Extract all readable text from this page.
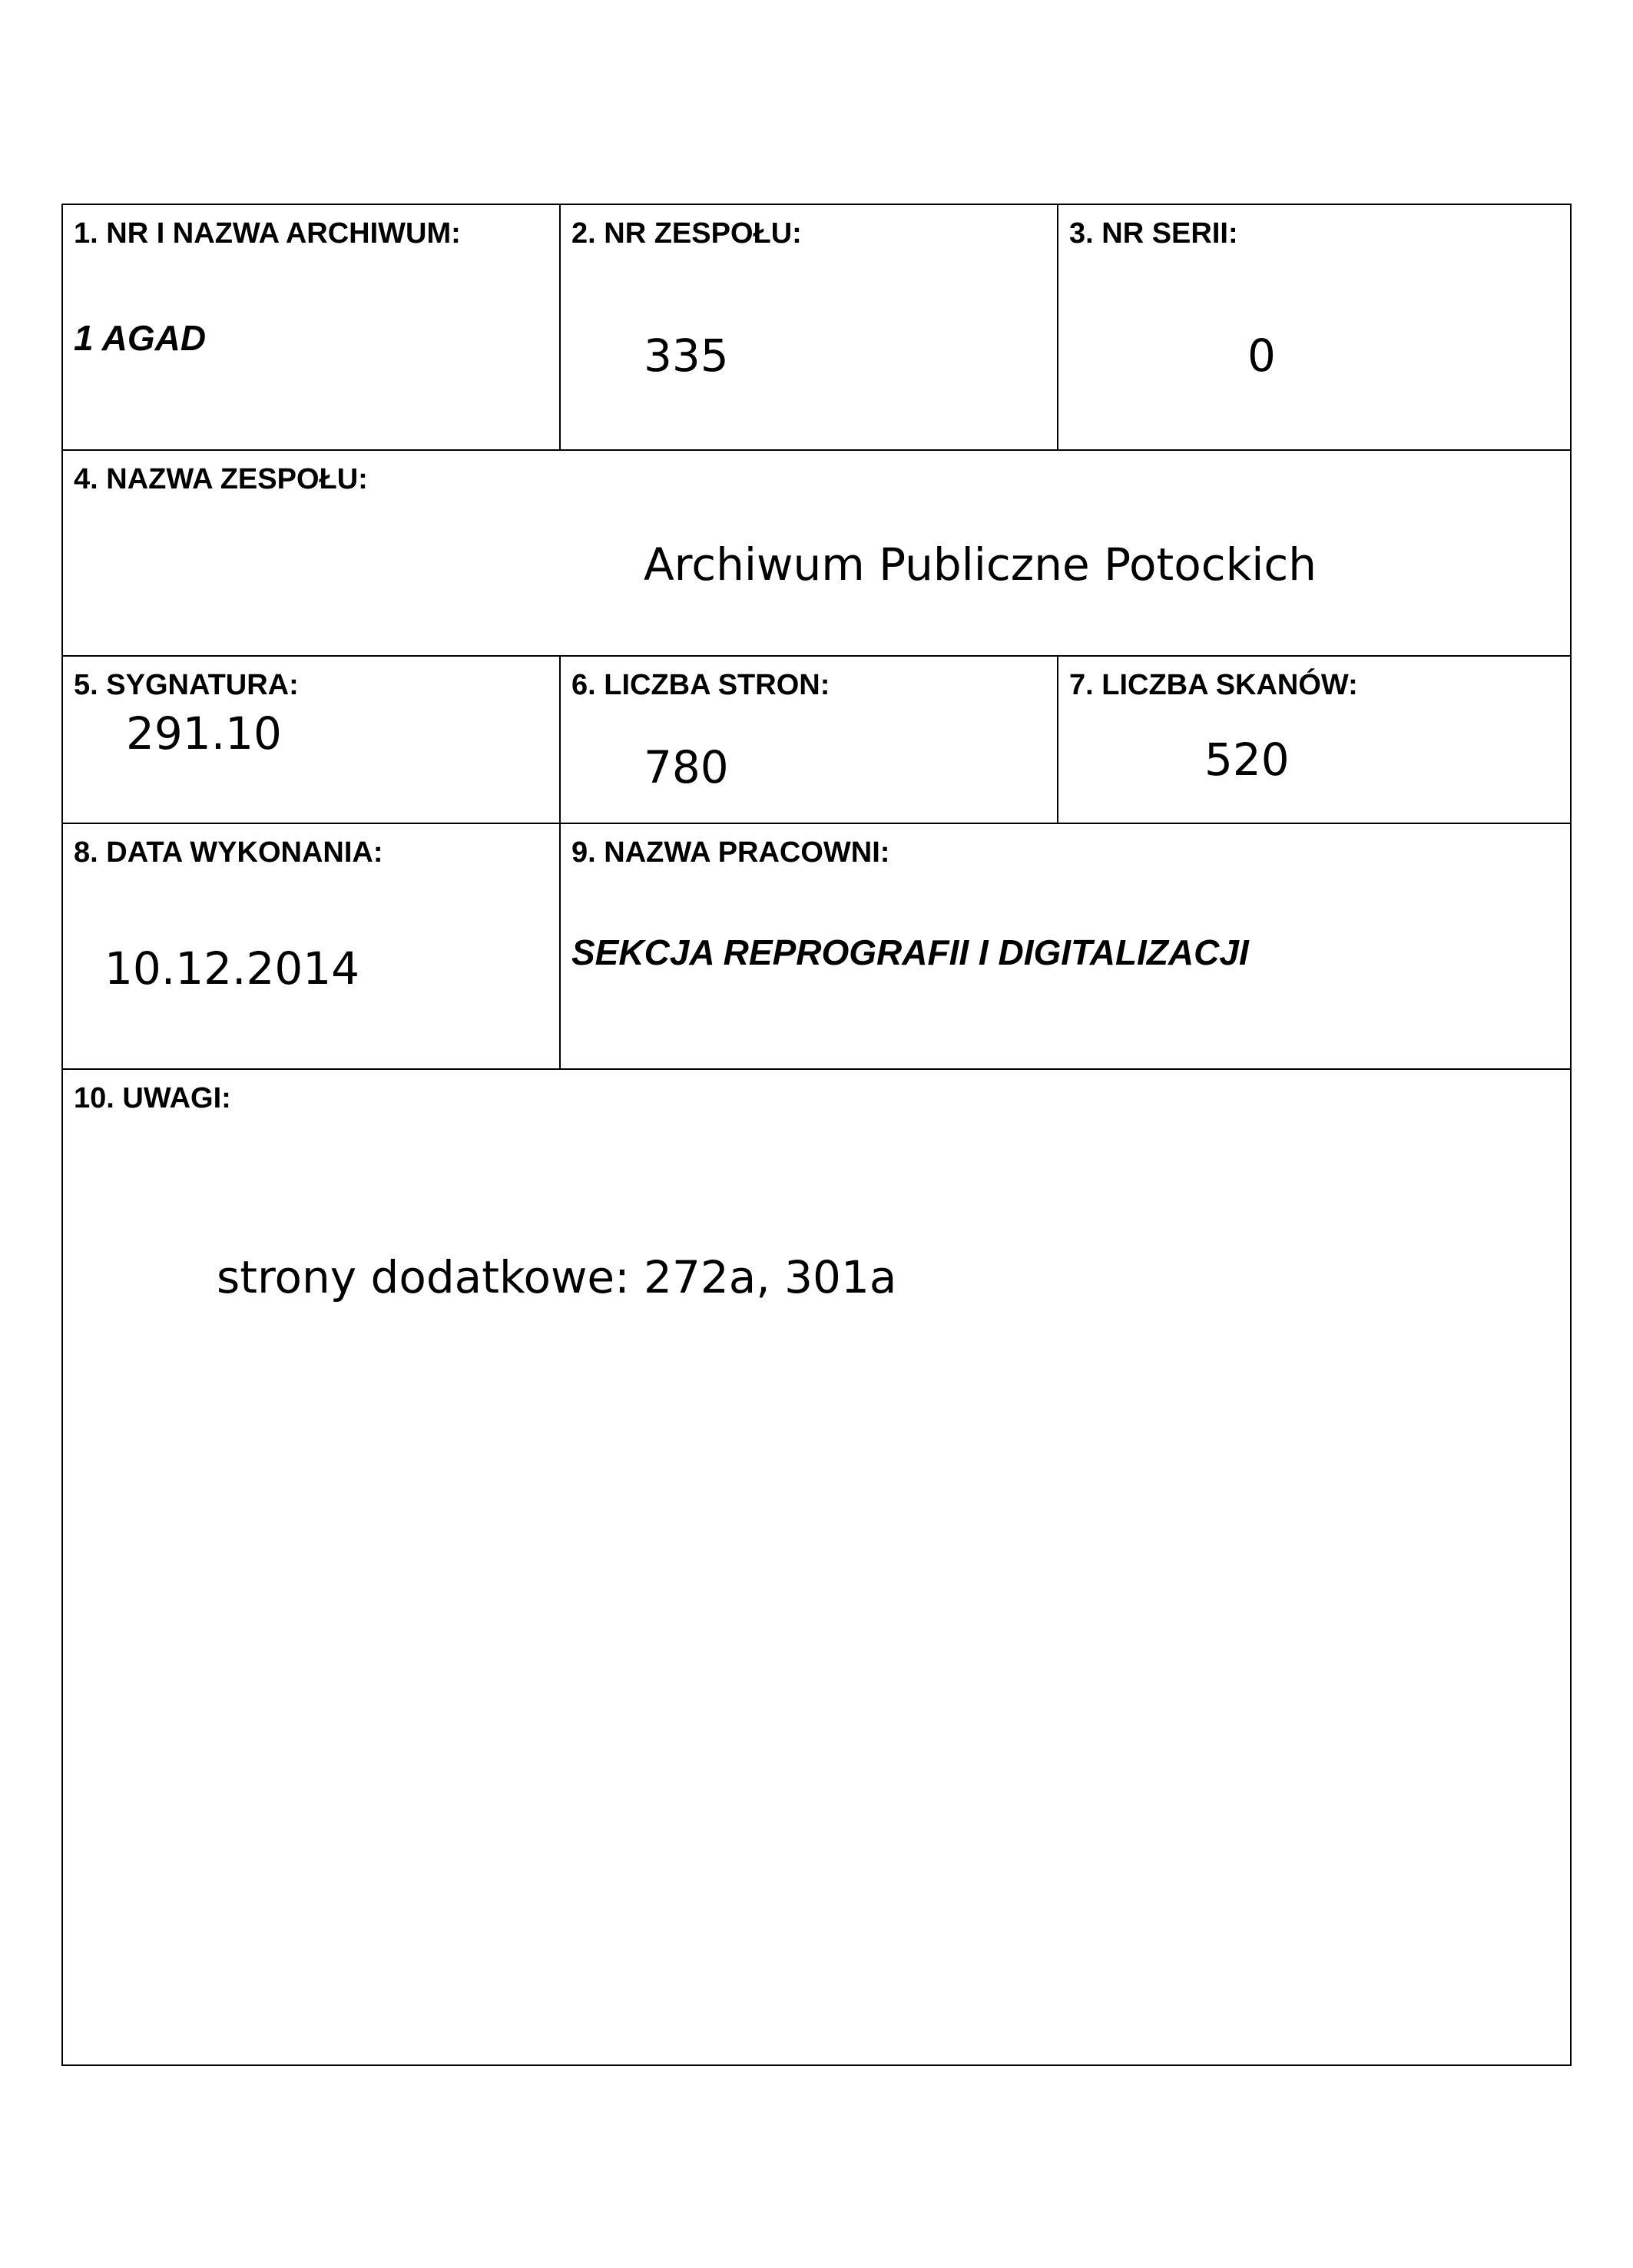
1. NR I NAZWA ARCHIWUM:
1 AGAD
2. NR ZESPOŁU:
335
3. NR SERII:
0
4. NAZWA ZESPOŁU:
Archiwum Publiczne Potockich
5. SYGNATURA:
291.10
6. LICZBA STRON:
780
7. LICZBA SKANÓW:
520
8. DATA WYKONANIA:
10.12.2014
9. NAZWA PRACOWNI:
SEKCJA REPROGRAFII I DIGITALIZACJI
10. UWAGI:
strony dodatkowe: 272a, 301a
